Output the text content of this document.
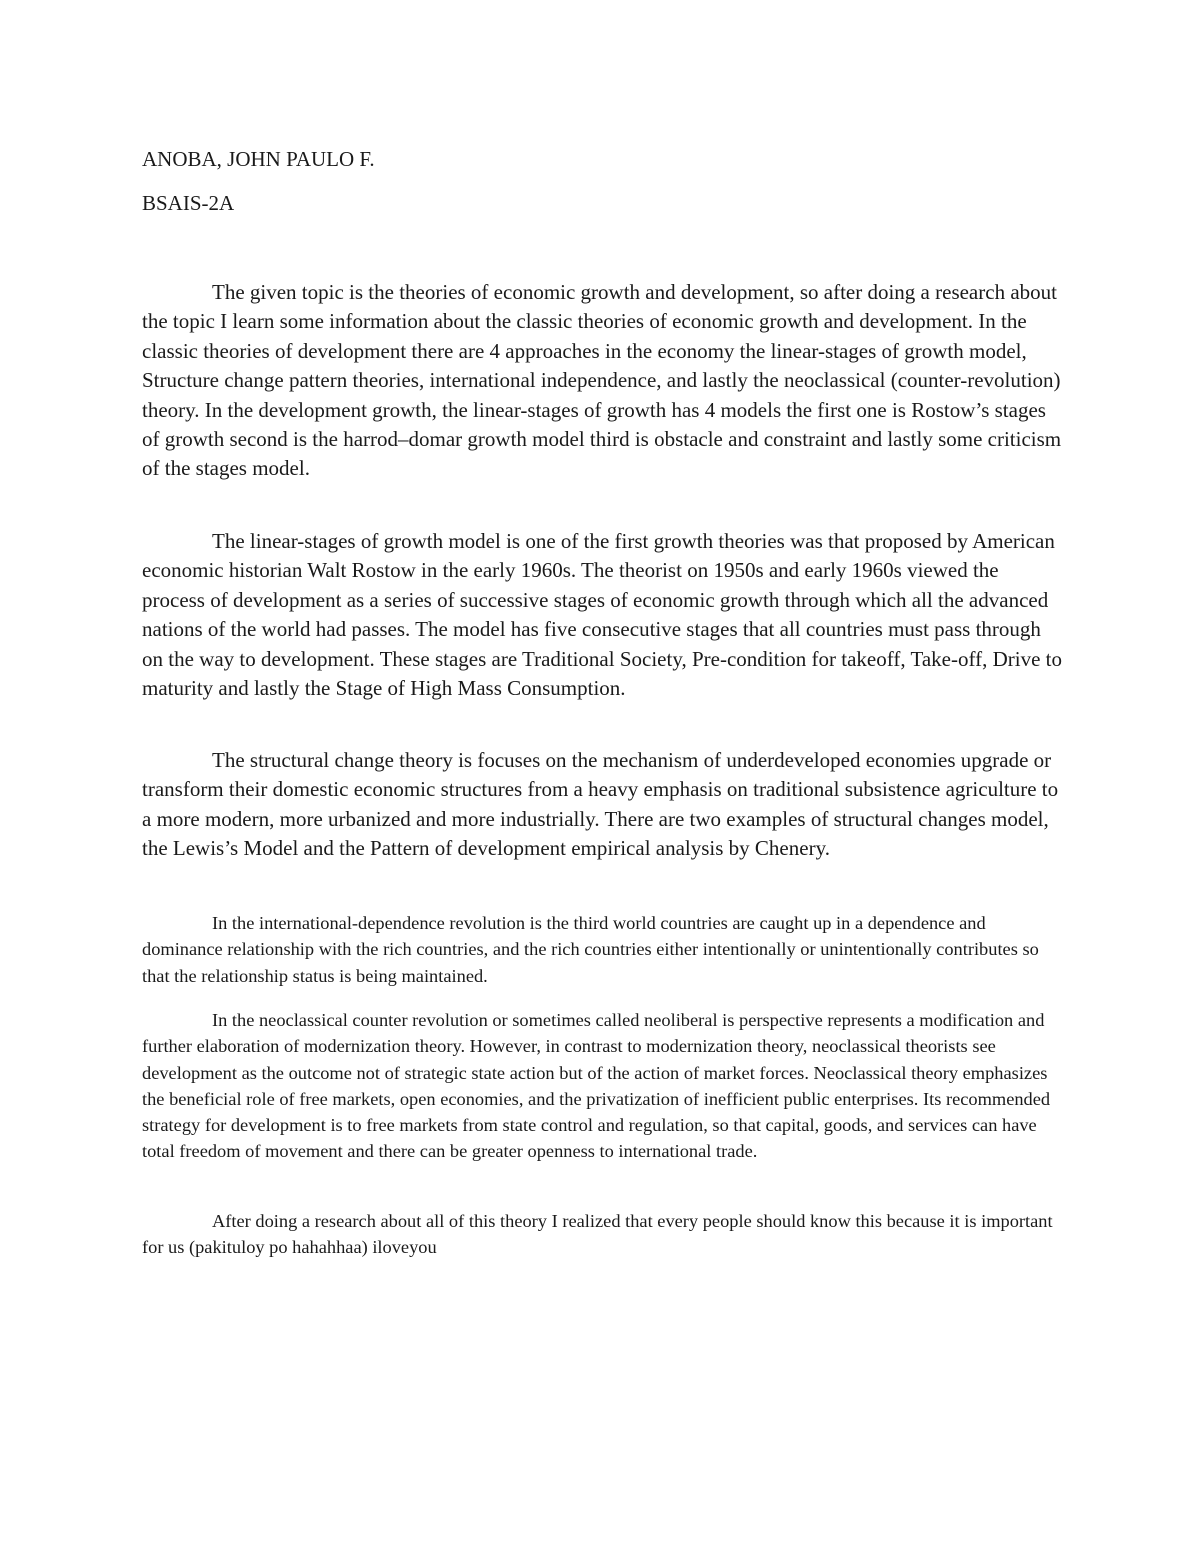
ANOBA, JOHN PAULO F.
BSAIS-2A

The given topic is the theories of economic growth and development, so after doing a research about the topic I learn some information about the classic theories of economic growth and development. In the classic theories of development there are 4 approaches in the economy the linear-stages of growth model, Structure change pattern theories, international independence, and lastly the neoclassical (counter-revolution) theory. In the development growth, the linear-stages of growth has 4 models the first one is Rostow’s stages of growth second is the harrod–domar growth model third is obstacle and constraint and lastly some criticism of the stages model.

The linear-stages of growth model is one of the first growth theories was that proposed by American economic historian Walt Rostow in the early 1960s. The theorist on 1950s and early 1960s viewed the process of development as a series of successive stages of economic growth through which all the advanced nations of the world had passes. The model has five consecutive stages that all countries must pass through on the way to development. These stages are Traditional Society, Pre-condition for takeoff, Take-off, Drive to maturity and lastly the Stage of High Mass Consumption.

The structural change theory is focuses on the mechanism of underdeveloped economies upgrade or transform their domestic economic structures from a heavy emphasis on traditional subsistence agriculture to a more modern, more urbanized and more industrially. There are two examples of structural changes model, the Lewis’s Model and the Pattern of development empirical analysis by Chenery.

In the international-dependence revolution is the third world countries are caught up in a dependence and dominance relationship with the rich countries, and the rich countries either intentionally or unintentionally contributes so that the relationship status is being maintained.

In the neoclassical counter revolution or sometimes called neoliberal is perspective represents a modification and further elaboration of modernization theory. However, in contrast to modernization theory, neoclassical theorists see development as the outcome not of strategic state action but of the action of market forces. Neoclassical theory emphasizes the beneficial role of free markets, open economies, and the privatization of inefficient public enterprises. Its recommended strategy for development is to free markets from state control and regulation, so that capital, goods, and services can have total freedom of movement and there can be greater openness to international trade.

After doing a research about all of this theory I realized that every people should know this because it is important for us (pakituloy po hahahhaa) iloveyou
